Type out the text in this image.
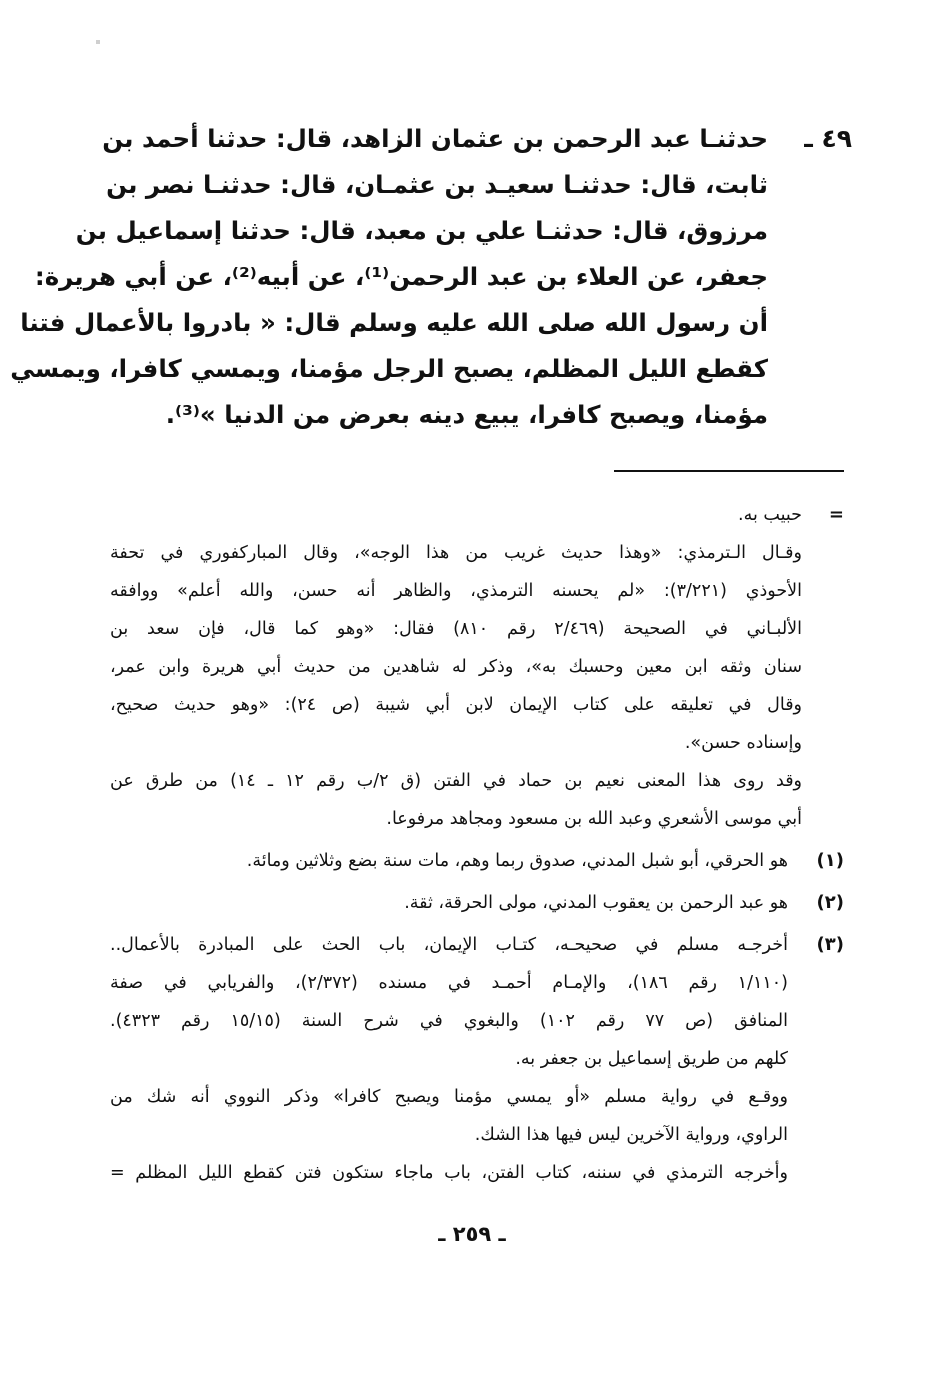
٤٩ ـ
حدثنـا عبد الرحمن بن عثمان الزاهد، قال: حدثنا أحمد بن
ثابت، قال: حدثنـا سعيـد بن عثمـان، قال: حدثنـا نصر بن
مرزوق، قال: حدثنـا علي بن معبد، قال: حدثنا إسماعيل بن
جعفر، عن العلاء بن عبد الرحمن⁽¹⁾، عن أبيه⁽²⁾، عن أبي هريرة:
أن رسول الله صلى الله عليه وسلم قال: « بادروا بالأعمال فتنا
كقطع الليل المظلم، يصبح الرجل مؤمنا، ويمسي كافرا، ويمسي
مؤمنا، ويصبح كافرا، يبيع دينه بعرض من الدنيا »⁽³⁾.
=
حبيب به.
وقـال الـترمذي: «وهذا حديث غريب من هذا الوجه»، وقال المباركفوري في تحفة
الأحوذي (٣/٢٢١): «لم يحسنه الترمذي، والظاهر أنه حسن، والله أعلم» ووافقه
الألبـاني في الصحيحة (٢/٤٦٩ رقم ٨١٠) فقال: «وهو كما قال، فإن سعد بن
سنان وثقه ابن معين وحسبك به»، وذكر له شاهدين من حديث أبي هريرة وابن عمر،
وقال في تعليقه على كتاب الإيمان لابن أبي شيبة (ص ٢٤): «وهو حديث صحيح،
وإسناده حسن».
وقد روى هذا المعنى نعيم بن حماد في الفتن (ق ٢/ب رقم ١٢ ـ ١٤) من طرق عن
أبي موسى الأشعري وعبد الله بن مسعود ومجاهد مرفوعا.
(١)
هو الحرقي، أبو شبل المدني، صدوق ربما وهم، مات سنة بضع وثلاثين ومائة.
(٢)
هو عبد الرحمن بن يعقوب المدني، مولى الحرقة، ثقة.
(٣)
أخرجـه مسلم في صحيحـه، كتـاب الإيمان، باب الحث على المبادرة بالأعمال..
(١/١١٠ رقم ١٨٦)، والإمـام أحمـد في مسنده (٢/٣٧٢)، والفريابي في صفة
المنافق (ص ٧٧ رقم ١٠٢) والبغوي في شرح السنة (١٥/١٥ رقم ٤٣٢٣).
كلهم من طريق إسماعيل بن جعفر به.
ووقـع في رواية مسلم «أو يمسي مؤمنا ويصبح كافرا» وذكر النووي أنه شك من
الراوي، ورواية الآخرين ليس فيها هذا الشك.
وأخرجه الترمذي في سننه، كتاب الفتن، باب ماجاء ستكون فتن كقطع الليل المظلم =
ـ ٢٥٩ ـ
